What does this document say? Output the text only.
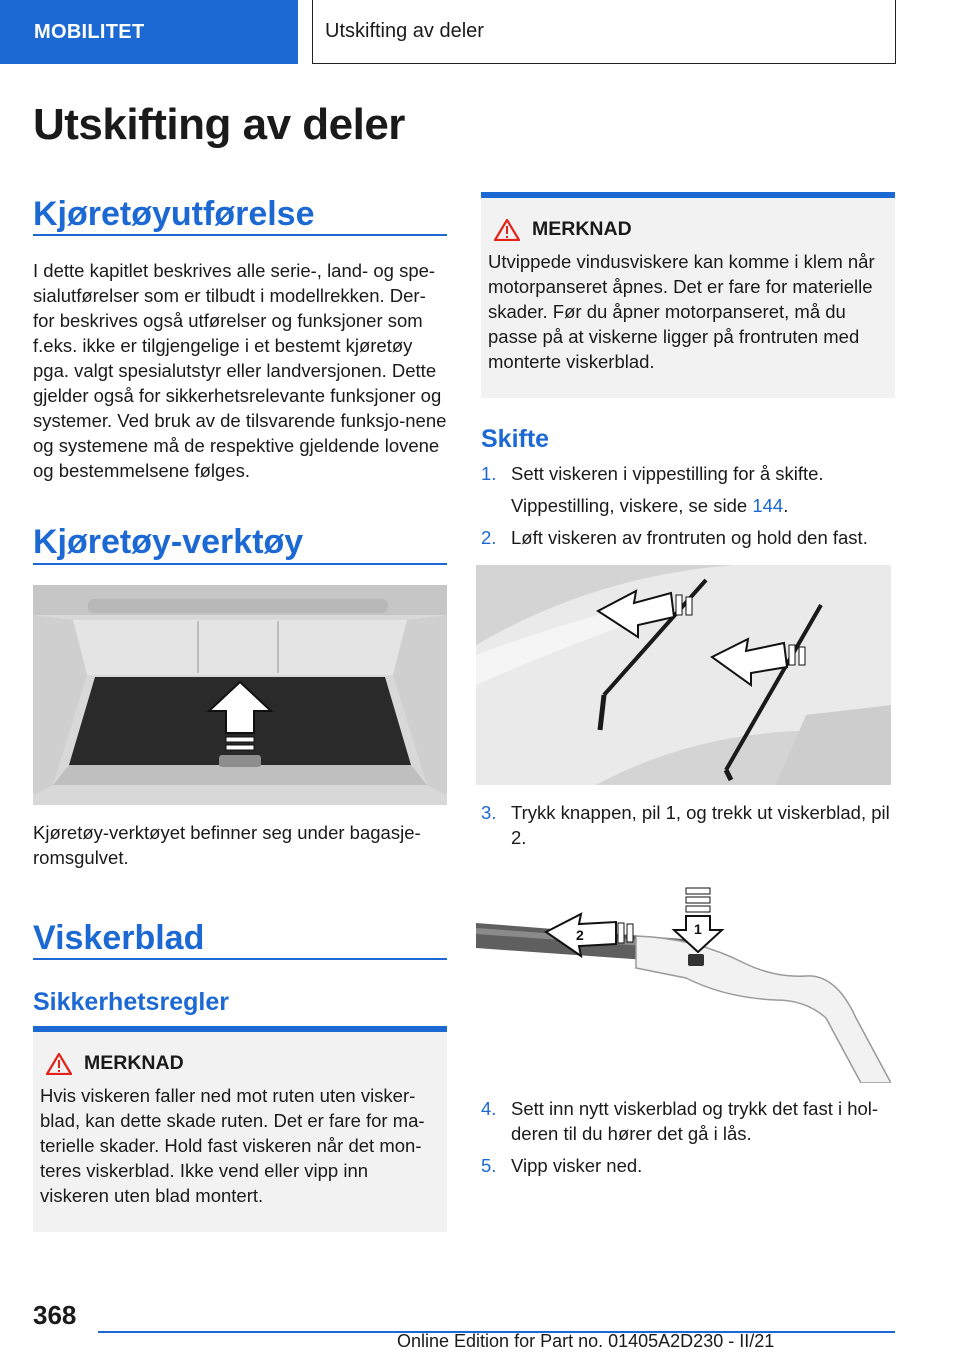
MOBILITET	Utskifting av deler
Utskifting av deler
Kjøretøyutførelse

I dette kapitlet beskrives alle serie-, land- og spe-sialutførelser som er tilbudt i modellrekken. Der-for beskrives også utførelser og funksjoner som f.eks. ikke er tilgjengelige i et bestemt kjøretøy pga. valgt spesialutstyr eller landversjonen. Dette gjelder også for sikkerhetsrelevante funksjoner og systemer. Ved bruk av de tilsvarende funksjo-nene og systemene må de respektive gjeldende lovene og bestemmelsene følges.

Kjøretøy-verktøy

Kjøretøy-verktøyet befinner seg under bagasje-romsgulvet.

Viskerblad
Sikkerhetsregler
MERKNAD
Hvis viskeren faller ned mot ruten uten visker-blad, kan dette skade ruten. Det er fare for ma-terielle skader. Hold fast viskeren når det mon-teres viskerblad. Ikke vend eller vipp inn viskeren uten blad montert.
MERKNAD
Utvippede vindusviskere kan komme i klem når motorpanseret åpnes. Det er fare for materielle skader. Før du åpner motorpanseret, må du passe på at viskerne ligger på frontruten med monterte viskerblad.
Skifte
1. Sett viskeren i vippestilling for å skifte.
Vippestilling, viskere, se side 144.
2. Løft viskeren av frontruten og hold den fast.
3. Trykk knappen, pil 1, og trekk ut viskerblad, pil 2.
2	1
4. Sett inn nytt viskerblad og trykk det fast i hol-deren til du hører det gå i lås.
5. Vipp visker ned.
368
Online Edition for Part no. 01405A2D230 - II/21
